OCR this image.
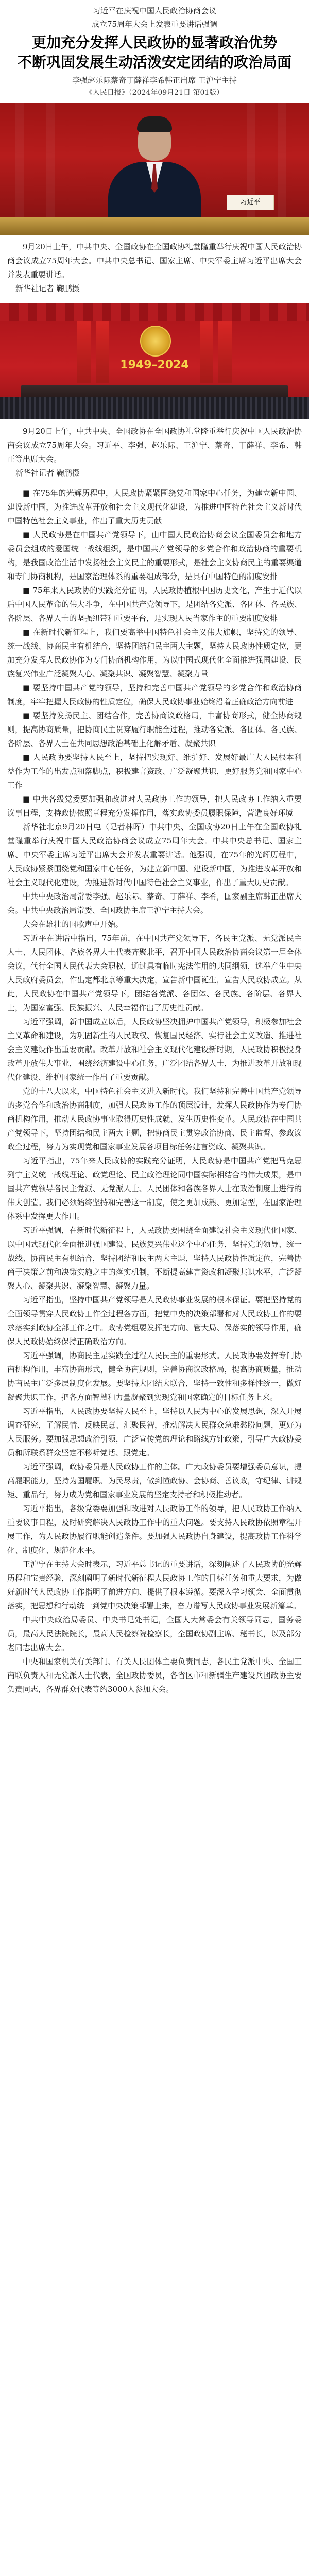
习近平在庆祝中国人民政治协商会议
成立75周年大会上发表重要讲话强调
更加充分发挥人民政协的显著政治优势
不断巩固发展生动活泼安定团结的政治局面
李强赵乐际蔡奇丁薛祥李希韩正出席 王沪宁主持
《人民日报》（2024年09月21日 第01版）
习近平
9月20日上午，中共中央、全国政协在全国政协礼堂隆重举行庆祝中国人民政治协商会议成立75周年大会。中共中央总书记、国家主席、中央军委主席习近平出席大会并发表重要讲话。
新华社记者 鞠鹏摄
1949–2024
9月20日上午，中共中央、全国政协在全国政协礼堂隆重举行庆祝中国人民政治协商会议成立75周年大会。习近平、李强、赵乐际、王沪宁、蔡奇、丁薛祥、李希、韩正等出席大会。
新华社记者 鞠鹏摄

■ 在75年的光辉历程中，人民政协紧紧围绕党和国家中心任务，为建立新中国、建设新中国，为推进改革开放和社会主义现代化建设，为推进中国特色社会主义新时代中国特色社会主义事业，作出了重大历史贡献

■ 人民政协是在中国共产党领导下，由中国人民政治协商会议全国委员会和地方委员会组成的爱国统一战线组织，是中国共产党领导的多党合作和政治协商的重要机构，是我国政治生活中发扬社会主义民主的重要形式，是社会主义协商民主的重要渠道和专门协商机构，是国家治理体系的重要组成部分，是具有中国特色的制度安排

■ 75年来人民政协的实践充分证明，人民政协植根中国历史文化，产生于近代以后中国人民革命的伟大斗争，在中国共产党领导下，是团结各党派、各团体、各民族、各阶层、各界人士的坚强纽带和重要平台，是实现人民当家作主的重要制度安排

■ 在新时代新征程上，我们要高举中国特色社会主义伟大旗帜，坚持党的领导、统一战线、协商民主有机结合，坚持团结和民主两大主题，坚持人民政协性质定位，更加充分发挥人民政协作为专门协商机构作用，为以中国式现代化全面推进强国建设、民族复兴伟业广泛凝聚人心、凝聚共识、凝聚智慧、凝聚力量

■ 要坚持中国共产党的领导，坚持和完善中国共产党领导的多党合作和政治协商制度，牢牢把握人民政协的性质定位，确保人民政协事业始终沿着正确政治方向前进

■ 要坚持发扬民主、团结合作，完善协商议政格局，丰富协商形式，健全协商规则，提高协商质量，把协商民主贯穿履行职能全过程，推动各党派、各团体、各民族、各阶层、各界人士在共同思想政治基础上化解矛盾、凝聚共识

■ 人民政协要坚持人民至上，坚持把实现好、维护好、发展好最广大人民根本利益作为工作的出发点和落脚点，积极建言资政、广泛凝聚共识，更好服务党和国家中心工作

■ 中共各级党委要加强和改进对人民政协工作的领导，把人民政协工作纳入重要议事日程，支持政协依照章程充分发挥作用，落实政协委员履职保障，营造良好环境

新华社北京9月20日电（记者林晖）中共中央、全国政协20日上午在全国政协礼堂隆重举行庆祝中国人民政治协商会议成立75周年大会。中共中央总书记、国家主席、中央军委主席习近平出席大会并发表重要讲话。他强调，在75年的光辉历程中，人民政协紧紧围绕党和国家中心任务，为建立新中国、建设新中国，为推进改革开放和社会主义现代化建设，为推进新时代中国特色社会主义事业，作出了重大历史贡献。

中共中央政治局常委李强、赵乐际、蔡奇、丁薛祥、李希，国家副主席韩正出席大会。中共中央政治局常委、全国政协主席王沪宁主持大会。

大会在雄壮的国歌声中开始。

习近平在讲话中指出，75年前，在中国共产党领导下，各民主党派、无党派民主人士、人民团体、各族各界人士代表齐聚北平，召开中国人民政治协商会议第一届全体会议，代行全国人民代表大会职权，通过具有临时宪法作用的共同纲领，选举产生中央人民政府委员会，作出定都北京等重大决定，宣告新中国诞生，宣告人民政协成立。从此，人民政协在中国共产党领导下，团结各党派、各团体、各民族、各阶层、各界人士，为国家富强、民族振兴、人民幸福作出了历史性贡献。

习近平强调，新中国成立以后，人民政协坚决拥护中国共产党领导，积极参加社会主义革命和建设，为巩固新生的人民政权、恢复国民经济、实行社会主义改造、推进社会主义建设作出重要贡献。改革开放和社会主义现代化建设新时期，人民政协积极投身改革开放伟大事业，围绕经济建设中心任务，广泛团结各界人士，为推进改革开放和现代化建设、维护国家统一作出了重要贡献。

党的十八大以来，中国特色社会主义进入新时代。我们坚持和完善中国共产党领导的多党合作和政治协商制度，加强人民政协工作的顶层设计，发挥人民政协作为专门协商机构作用，推动人民政协事业取得历史性成就、发生历史性变革。人民政协在中国共产党领导下，坚持团结和民主两大主题，把协商民主贯穿政治协商、民主监督、参政议政全过程，努力为实现党和国家事业发展各项目标任务建言资政、凝聚共识。

习近平指出，75年来人民政协的实践充分证明，人民政协是中国共产党把马克思列宁主义统一战线理论、政党理论、民主政治理论同中国实际相结合的伟大成果，是中国共产党领导各民主党派、无党派人士、人民团体和各族各界人士在政治制度上进行的伟大创造。我们必须始终坚持和完善这一制度，使之更加成熟、更加定型，在国家治理体系中发挥更大作用。

习近平强调，在新时代新征程上，人民政协要围绕全面建设社会主义现代化国家、以中国式现代化全面推进强国建设、民族复兴伟业这个中心任务，坚持党的领导、统一战线、协商民主有机结合，坚持团结和民主两大主题，坚持人民政协性质定位，完善协商于决策之前和决策实施之中的落实机制，不断提高建言资政和凝聚共识水平，广泛凝聚人心、凝聚共识、凝聚智慧、凝聚力量。

习近平指出，坚持中国共产党领导是人民政协事业发展的根本保证。要把坚持党的全面领导贯穿人民政协工作全过程各方面，把党中央的决策部署和对人民政协工作的要求落实到政协全部工作之中。政协党组要发挥把方向、管大局、保落实的领导作用，确保人民政协始终保持正确政治方向。

习近平强调，协商民主是实践全过程人民民主的重要形式。人民政协要发挥专门协商机构作用，丰富协商形式，健全协商规则，完善协商议政格局，提高协商质量，推动协商民主广泛多层制度化发展。要坚持大团结大联合，坚持一致性和多样性统一，做好凝聚共识工作，把各方面智慧和力量凝聚到实现党和国家确定的目标任务上来。

习近平指出，人民政协要坚持人民至上，坚持以人民为中心的发展思想，深入开展调查研究，了解民情、反映民意、汇聚民智，推动解决人民群众急难愁盼问题，更好为人民服务。要加强思想政治引领，广泛宣传党的理论和路线方针政策，引导广大政协委员和所联系群众坚定不移听党话、跟党走。

习近平强调，政协委员是人民政协工作的主体。广大政协委员要增强委员意识，提高履职能力，坚持为国履职、为民尽责，做到懂政协、会协商、善议政，守纪律、讲规矩、重品行，努力成为党和国家事业发展的坚定支持者和积极推动者。

习近平指出，各级党委要加强和改进对人民政协工作的领导，把人民政协工作纳入重要议事日程，及时研究解决人民政协工作中的重大问题。要支持人民政协依照章程开展工作，为人民政协履行职能创造条件。要加强人民政协自身建设，提高政协工作科学化、制度化、规范化水平。

王沪宁在主持大会时表示，习近平总书记的重要讲话，深刻阐述了人民政协的光辉历程和宝贵经验，深刻阐明了新时代新征程人民政协工作的目标任务和重大要求，为做好新时代人民政协工作指明了前进方向、提供了根本遵循。要深入学习领会、全面贯彻落实，把思想和行动统一到党中央决策部署上来，奋力谱写人民政协事业发展新篇章。

中共中央政治局委员、中央书记处书记，全国人大常委会有关领导同志，国务委员，最高人民法院院长，最高人民检察院检察长，全国政协副主席、秘书长，以及部分老同志出席大会。

中央和国家机关有关部门、有关人民团体主要负责同志，各民主党派中央、全国工商联负责人和无党派人士代表，全国政协委员，各省区市和新疆生产建设兵团政协主要负责同志，各界群众代表等约3000人参加大会。
